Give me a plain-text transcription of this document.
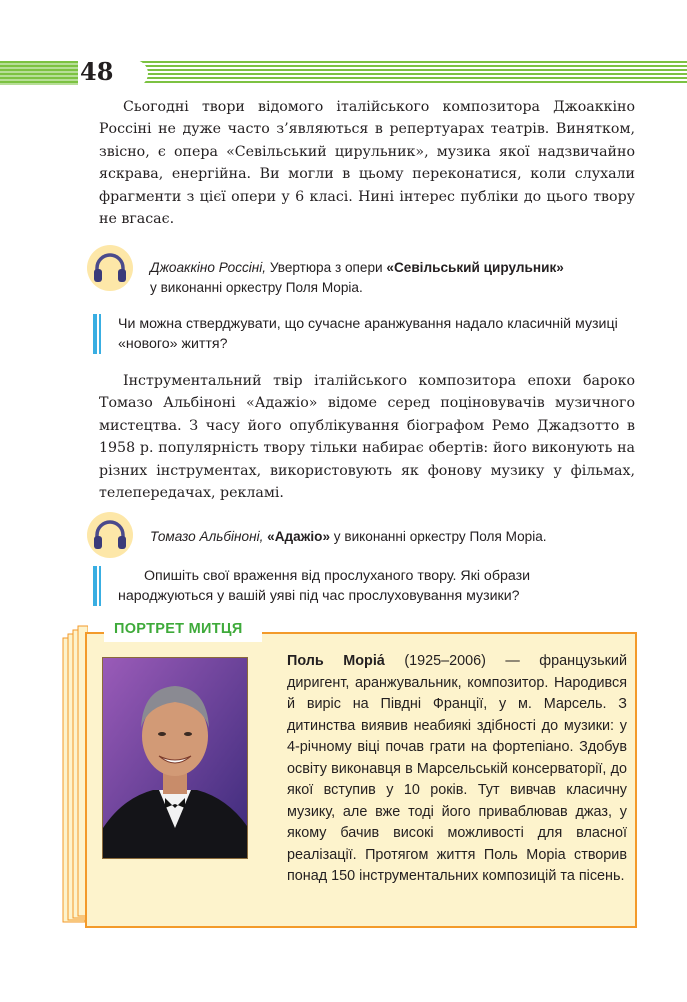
48

Сьогодні твори відомого італійського композитора Джоаккіно Россіні не дуже часто з’являються в репертуарах театрів. Винятком, звісно, є опера «Севільський цирульник», музика якої надзвичайно яскрава, енергійна. Ви могли в цьому переконатися, коли слухали фрагменти з цієї опери у 6 класі. Нині інтерес публіки до цього твору не вгасає.

Джоаккіно Россіні, Увертюра з опери «Севільський цирульник»
у виконанні оркестру Поля Моріа.
Чи можна стверджувати, що сучасне аранжування надало класичній музиці «нового» життя?

Інструментальний твір італійського композитора епохи бароко Томазо Альбіноні «Адажіо» відоме серед поціновувачів музичного мистецтва. З часу його опублікування біографом Ремо Джадзотто в 1958 р. популярність твору тільки набирає обертів: його виконують на різних інструментах, використовують як фонову музику у фільмах, телепередачах, рекламі.

Томазо Альбіноні, «Адажіо» у виконанні оркестру Поля Моріа.
Опишіть свої враження від прослуханого твору. Які образи народжуються у вашій уяві під час прослуховування музики?
ПОРТРЕТ МИТЦЯ
Поль Моріа́ (1925–2006) — французький диригент, аранжувальник, композитор. Народився й виріс на Півдні Франції, у м. Марсель. З дитинства виявив неабиякі здібності до музики: у 4-річному віці почав грати на фортепіано. Здобув освіту виконавця в Марсельській консерваторії, до якої вступив у 10 років. Тут вивчав класичну музику, але вже тоді його приваблював джаз, у якому бачив високі можливості для власної реалізації. Протягом життя Поль Моріа створив понад 150 інструментальних композицій та пісень.
